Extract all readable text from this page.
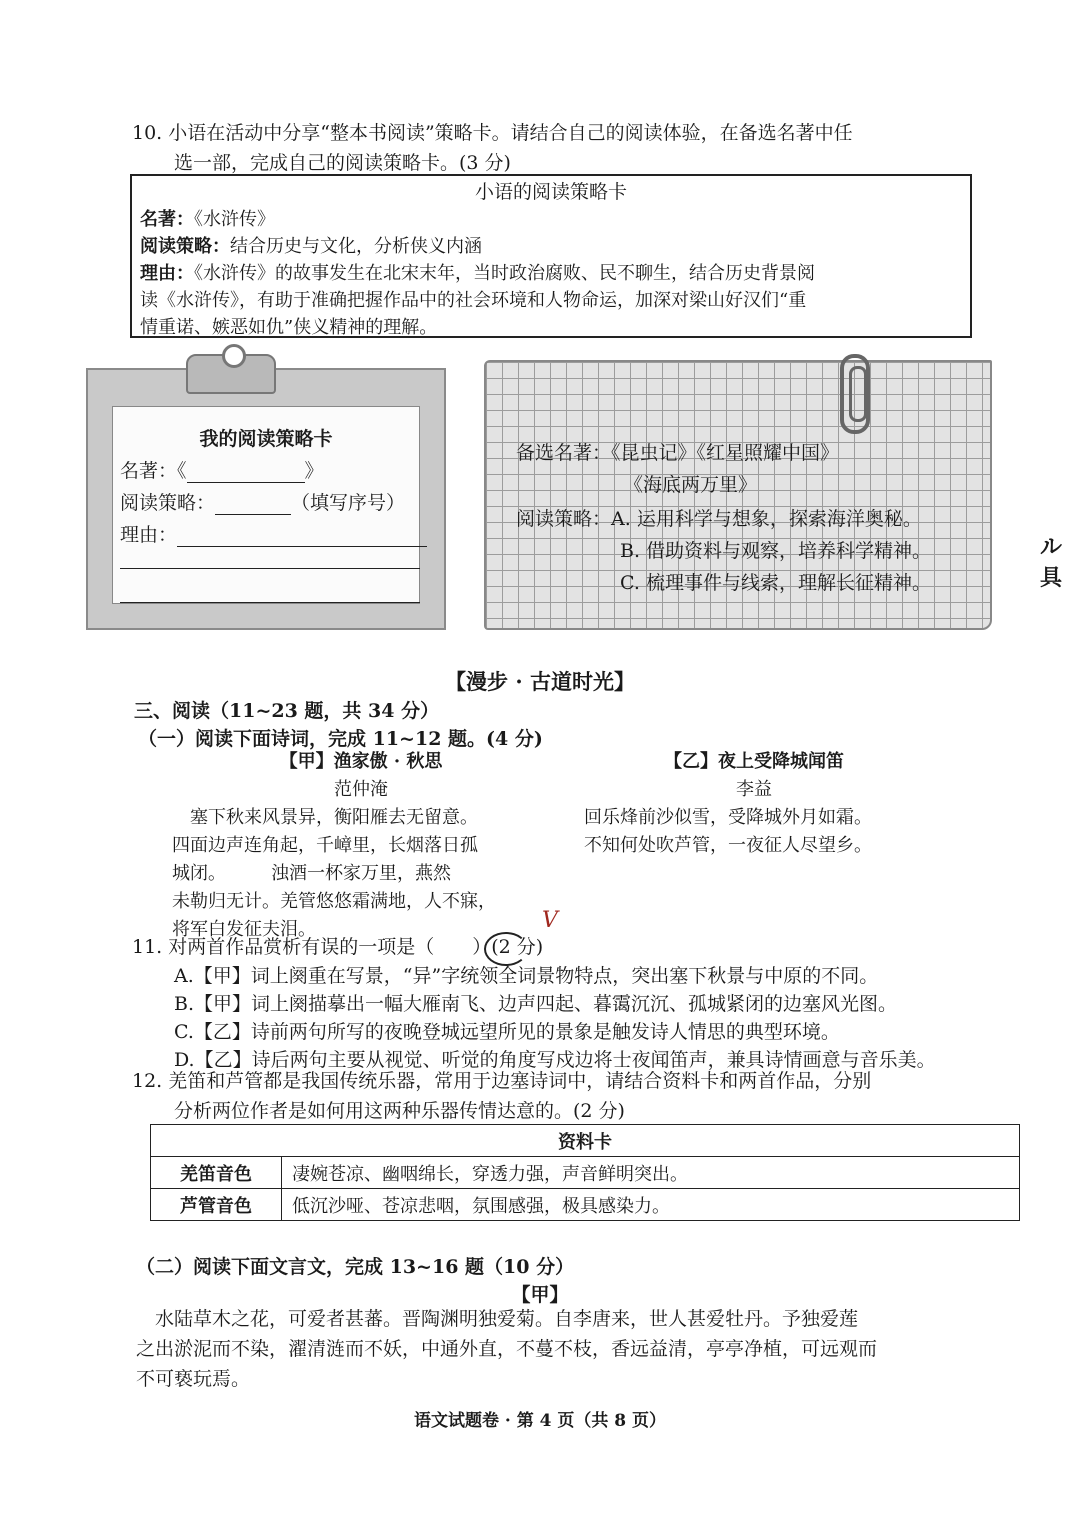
10. 小语在活动中分享“整本书阅读”策略卡。请结合自己的阅读体验，在备选名著中任
选一部，完成自己的阅读策略卡。(3 分)
小语的阅读策略卡
名著：《水浒传》
阅读策略：结合历史与文化，分析侠义内涵
理由：《水浒传》的故事发生在北宋末年，当时政治腐败、民不聊生，结合历史背景阅
读《水浒传》，有助于准确把握作品中的社会环境和人物命运，加深对梁山好汉们“重
情重诺、嫉恶如仇”侠义精神的理解。
我的阅读策略卡
名著：《	》
阅读策略：	（填写序号）
理由：
备选名著：《昆虫记》《红星照耀中国》
《海底两万里》
阅读策略：A. 运用科学与想象，探索海洋奥秘。
B. 借助资料与观察，培养科学精神。
C. 梳理事件与线索，理解长征精神。
ル具
【漫步 · 古道时光】
三、阅读（11~23 题，共 34 分）
（一）阅读下面诗词，完成 11~12 题。(4 分)
【甲】渔家傲 · 秋思
范仲淹
　塞下秋来风景异，衡阳雁去无留意。
四面边声连角起，千嶂里，长烟落日孤
城闭。　　　浊酒一杯家万里，燕然
未勒归无计。羌管悠悠霜满地，人不寐，
将军白发征夫泪。
【乙】夜上受降城闻笛
李益
回乐烽前沙似雪，受降城外月如霜。
不知何处吹芦管，一夜征人尽望乡。
11. 对两首作品赏析有误的一项是（　　）(2 分)
A.【甲】词上阕重在写景，“异”字统领全词景物特点，突出塞下秋景与中原的不同。
B.【甲】词上阕描摹出一幅大雁南飞、边声四起、暮霭沉沉、孤城紧闭的边塞风光图。
C.【乙】诗前两句所写的夜晚登城远望所见的景象是触发诗人情思的典型环境。
D.【乙】诗后两句主要从视觉、听觉的角度写戍边将士夜闻笛声，兼具诗情画意与音乐美。
V
12. 羌笛和芦管都是我国传统乐器，常用于边塞诗词中，请结合资料卡和两首作品，分别
分析两位作者是如何用这两种乐器传情达意的。(2 分)
资料卡	
羌笛音色	凄婉苍凉、幽咽绵长，穿透力强，声音鲜明突出。
芦管音色	低沉沙哑、苍凉悲咽，氛围感强，极具感染力。
（二）阅读下面文言文，完成 13~16 题（10 分）
【甲】
　水陆草木之花，可爱者甚蕃。晋陶渊明独爱菊。自李唐来，世人甚爱牡丹。予独爱莲
之出淤泥而不染，濯清涟而不妖，中通外直，不蔓不枝，香远益清，亭亭净植，可远观而
不可亵玩焉。
语文试题卷 · 第 4 页（共 8 页）
